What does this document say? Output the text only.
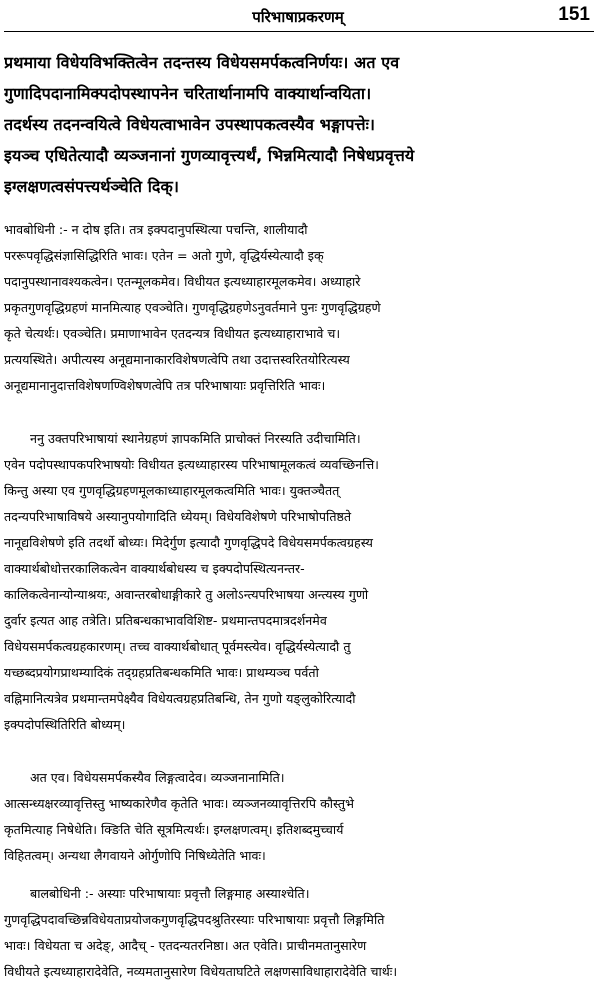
परिभाषाप्रकरणम्	151
प्रथमाया विधेयविभक्तित्वेन तदन्तस्य विधेयसमर्पकत्वनिर्णयः। अत एव
गुणादिपदानामिक्पदोपस्थापनेन चरितार्थानामपि वाक्यार्थान्वयिता।
तदर्थस्य तदनन्वयित्वे विधेयत्वाभावेन उपस्थापकत्वस्यैव भङ्गापत्तेः।
इयञ्च एधितेत्यादौ व्यञ्जनानां गुणव्यावृत्त्यर्थं, भिन्नमित्यादौ निषेधप्रवृत्तये
इग्लक्षणत्वसंपत्त्यर्थञ्चेति दिक्।
भावबोधिनी :- न दोष इति। तत्र इक्पदानुपस्थित्या पचन्ति, शालीयादौ
पररूपवृद्धिसंज्ञासिद्धिरिति भावः। एतेन = अतो गुणे, वृद्धिर्यस्येत्यादौ इक्
पदानुपस्थानावश्यकत्वेन। एतन्मूलकमेव। विधीयत इत्यध्याहारमूलकमेव। अध्याहारे
प्रकृतगुणवृद्धिग्रहणं मानमित्याह एवञ्चेति। गुणवृद्धिग्रहणेऽनुवर्तमाने पुनः गुणवृद्धिग्रहणे
कृते चेत्यर्थः। एवञ्चेति। प्रमाणाभावेन एतदन्यत्र विधीयत इत्यध्याहाराभावे च।
प्रत्ययस्थिते। अपीत्यस्य अनूद्यमानाकारविशेषणत्वेपि तथा उदात्तस्वरितयोरित्यस्य
अनूद्यमानानुदात्तविशेषणण्विशेषणत्वेपि तत्र परिभाषायाः प्रवृत्तिरिति भावः।
ननु उक्तपरिभाषायां स्थानेग्रहणं ज्ञापकमिति प्राचोक्तं निरस्यति उदीचामिति।
एवेन पदोपस्थापकपरिभाषयोः विधीयत इत्यध्याहारस्य परिभाषामूलकत्वं व्यवच्छिनत्ति।
किन्तु अस्या एव गुणवृद्धिग्रहणमूलकाध्याहारमूलकत्वमिति भावः। युक्तञ्चैतत्
तदन्यपरिभाषाविषये अस्यानुपयोगादिति ध्येयम्। विधेयविशेषणे परिभाषोपतिष्ठते
नानूद्यविशेषणे इति तदर्थो बोध्यः। मिदेर्गुण इत्यादौ गुणवृद्धिपदे विधेयसमर्पकत्वग्रहस्य
वाक्यार्थबोधोत्तरकालिकत्वेन वाक्यार्थबोधस्य च इक्पदोपस्थित्यनन्तर-
कालिकत्वेनान्योन्याश्रयः, अवान्तरबोधाङ्गीकारे तु अलोऽन्त्यपरिभाषया अन्त्यस्य गुणो
दुर्वार इत्यत आह तत्रेति। प्रतिबन्धकाभावविशिष्ट- प्रथमान्तपदमात्रदर्शनमेव
विधेयसमर्पकत्वग्रहकारणम्। तच्च वाक्यार्थबोधात् पूर्वमस्त्येव। वृद्धिर्यस्येत्यादौ तु
यच्छब्दप्रयोगप्राथम्यादिकं तद्ग्रहप्रतिबन्धकमिति भावः। प्राथम्यञ्च पर्वतो
वह्निमानित्यत्रेव प्रथमान्तमपेक्ष्यैव विधेयत्वग्रहप्रतिबन्धि, तेन गुणो यङ्लुकोरित्यादौ
इक्पदोपस्थितिरिति बोध्यम्।
अत एव। विधेयसमर्पकस्यैव लिङ्गत्वादेव। व्यञ्जनानामिति।
आत्सन्ध्यक्षरव्यावृत्तिस्तु भाष्यकारेणैव कृतेति भावः। व्यञ्जनव्यावृत्तिरपि कौस्तुभे
कृतमित्याह निषेधेति। क्ङिति चेति सूत्रमित्यर्थः। इग्लक्षणत्वम्। इतिशब्दमुच्चार्य
विहितत्वम्। अन्यथा लैगवायने ओर्गुणोपि निषिध्येतेति भावः।
बालबोधिनी :- अस्याः परिभाषायाः प्रवृत्तौ लिङ्गमाह अस्याश्चेति।
गुणवृद्धिपदावच्छिन्नविधेयताप्रयोजकगुणवृद्धिपदश्रुतिरस्याः परिभाषायाः प्रवृत्तौ लिङ्गमिति
भावः। विधेयता च अदेङ्, आदैच् - एतदन्यतरनिष्ठा। अत एवेति। प्राचीनमतानुसारेण
विधीयते इत्यध्याहारादेवेति, नव्यमतानुसारेण विधेयताघटिते लक्षणसाविधाहारादेवेति चार्थः।
